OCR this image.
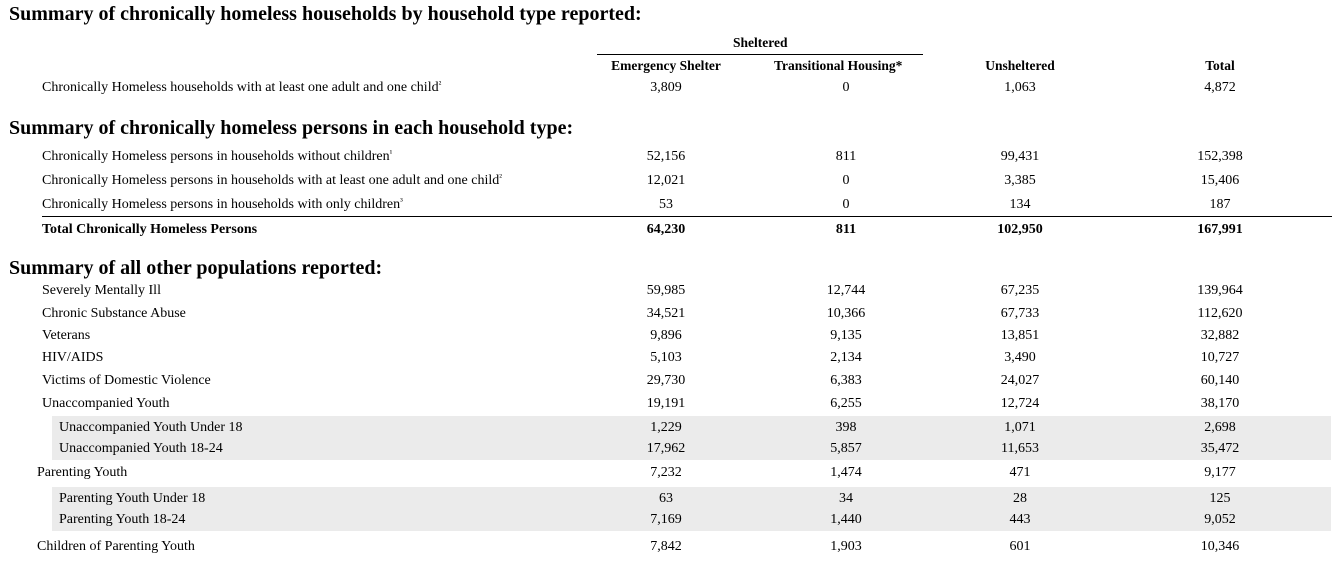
Summary of chronically homeless households by household type reported:
Sheltered
Emergency Shelter	Transitional Housing*	Unsheltered	Total
Chronically Homeless households with at least one adult and one child$^{^2}$	3,809	0	1,063	4,872
Summary of chronically homeless persons in each household type:
Chronically Homeless persons in households without children$^{^1}$	52,156	811	99,431	152,398
Chronically Homeless persons in households with at least one adult and one child$^{^2}$	12,021	0	3,385	15,406
Chronically Homeless persons in households with only children$^{^3}$	53	0	134	187
Total Chronically Homeless Persons	64,230	811	102,950	167,991
Summary of all other populations reported:
Severely Mentally Ill	59,985	12,744	67,235	139,964
Chronic Substance Abuse	34,521	10,366	67,733	112,620
Veterans	9,896	9,135	13,851	32,882
HIV/AIDS	5,103	2,134	3,490	10,727
Victims of Domestic Violence	29,730	6,383	24,027	60,140
Unaccompanied Youth	19,191	6,255	12,724	38,170
Unaccompanied Youth Under 18	1,229	398	1,071	2,698
Unaccompanied Youth 18-24	17,962	5,857	11,653	35,472
Parenting Youth	7,232	1,474	471	9,177
Parenting Youth Under 18	63	34	28	125
Parenting Youth 18-24	7,169	1,440	443	9,052
Children of Parenting Youth	7,842	1,903	601	10,346
